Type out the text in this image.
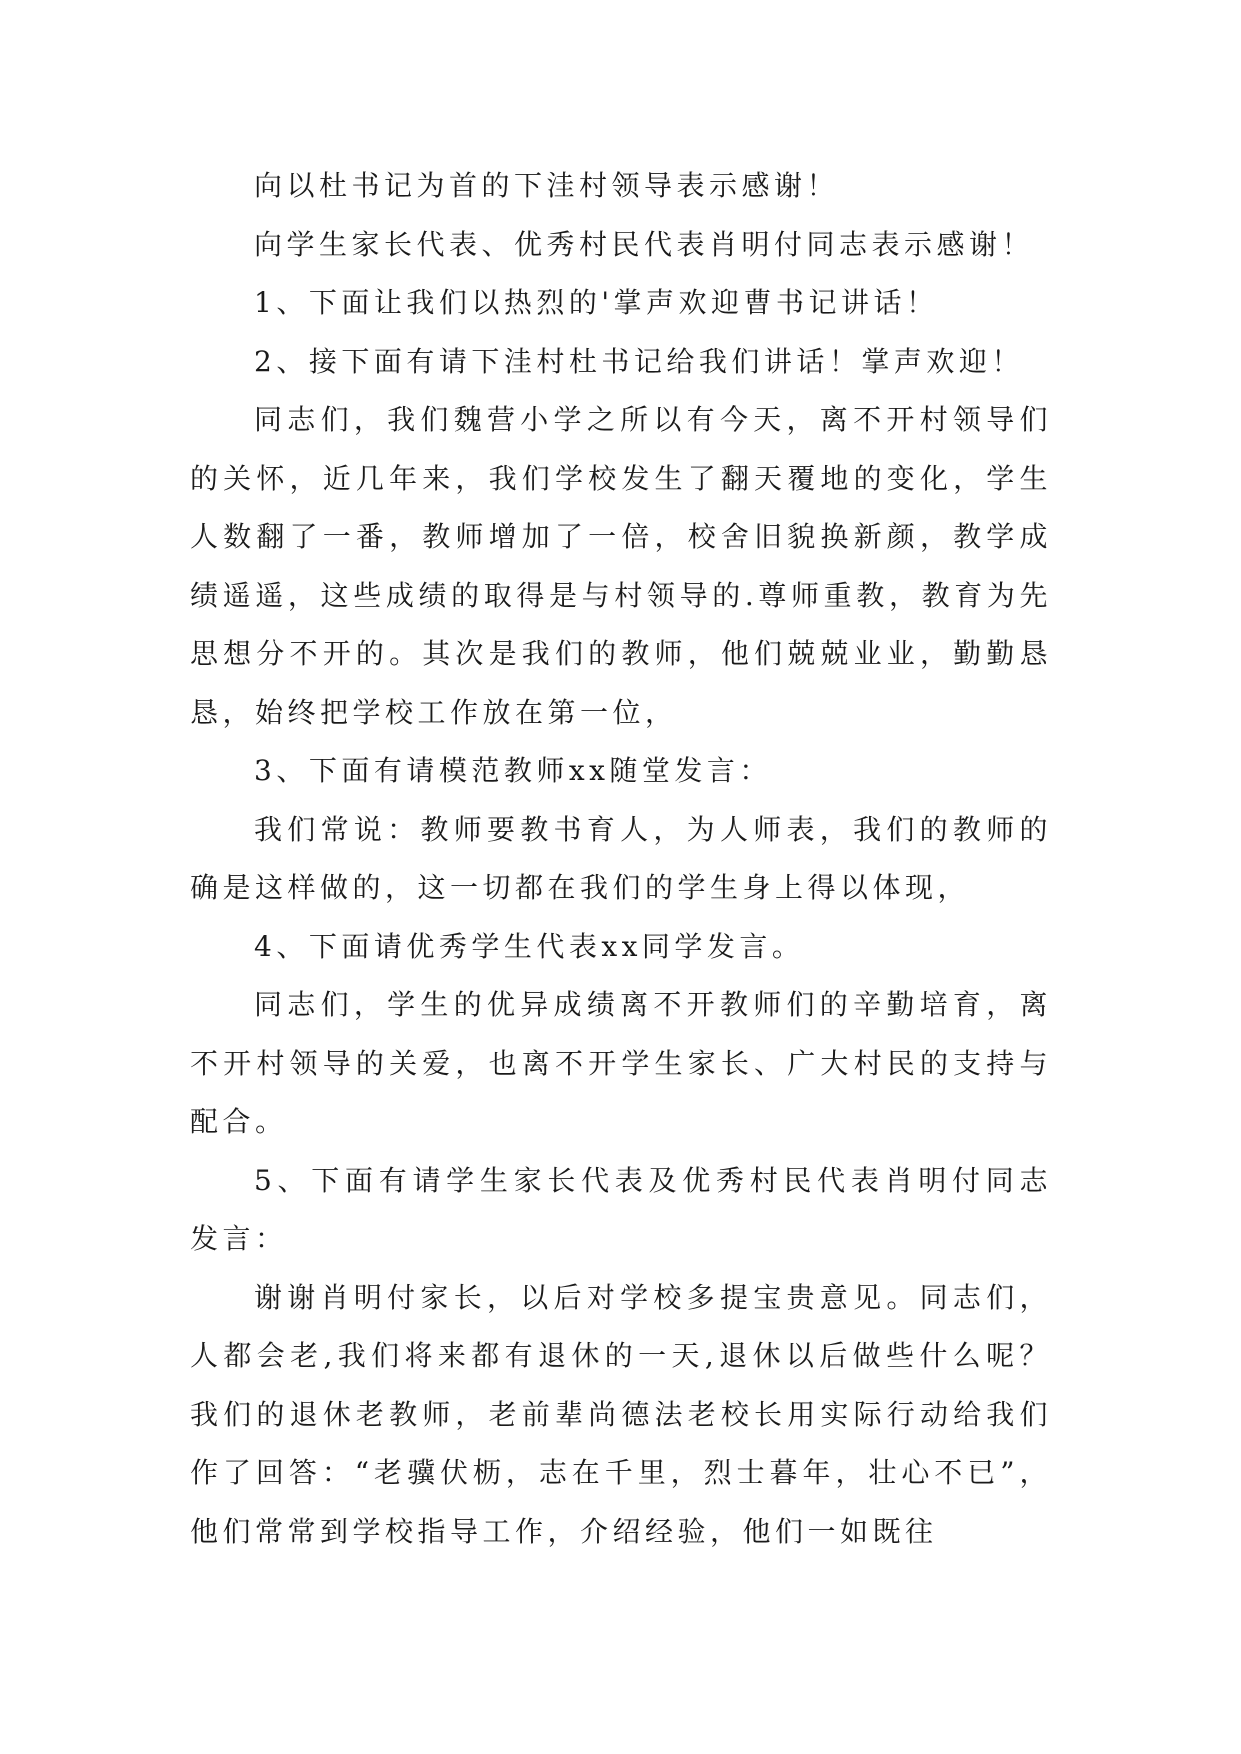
向以杜书记为首的下洼村领导表示感谢！

向学生家长代表、优秀村民代表肖明付同志表示感谢！

1、下面让我们以热烈的'掌声欢迎曹书记讲话！

2、接下面有请下洼村杜书记给我们讲话！掌声欢迎！

同志们，我们魏营小学之所以有今天，离不开村领导们的关怀，近几年来，我们学校发生了翻天覆地的变化，学生人数翻了一番，教师增加了一倍，校舍旧貌换新颜，教学成绩遥遥，这些成绩的取得是与村领导的.尊师重教，教育为先思想分不开的。其次是我们的教师，他们兢兢业业，勤勤恳恳，始终把学校工作放在第一位，

3、下面有请模范教师xx随堂发言：

我们常说：教师要教书育人，为人师表，我们的教师的确是这样做的，这一切都在我们的学生身上得以体现，

4、下面请优秀学生代表xx同学发言。

同志们，学生的优异成绩离不开教师们的辛勤培育，离不开村领导的关爱，也离不开学生家长、广大村民的支持与配合。

5、下面有请学生家长代表及优秀村民代表肖明付同志发言：

谢谢肖明付家长，以后对学校多提宝贵意见。同志们，人都会老,我们将来都有退休的一天,退休以后做些什么呢？我们的退休老教师，老前辈尚德法老校长用实际行动给我们作了回答：“老骥伏枥，志在千里，烈士暮年，壮心不已”，他们常常到学校指导工作，介绍经验，他们一如既往
